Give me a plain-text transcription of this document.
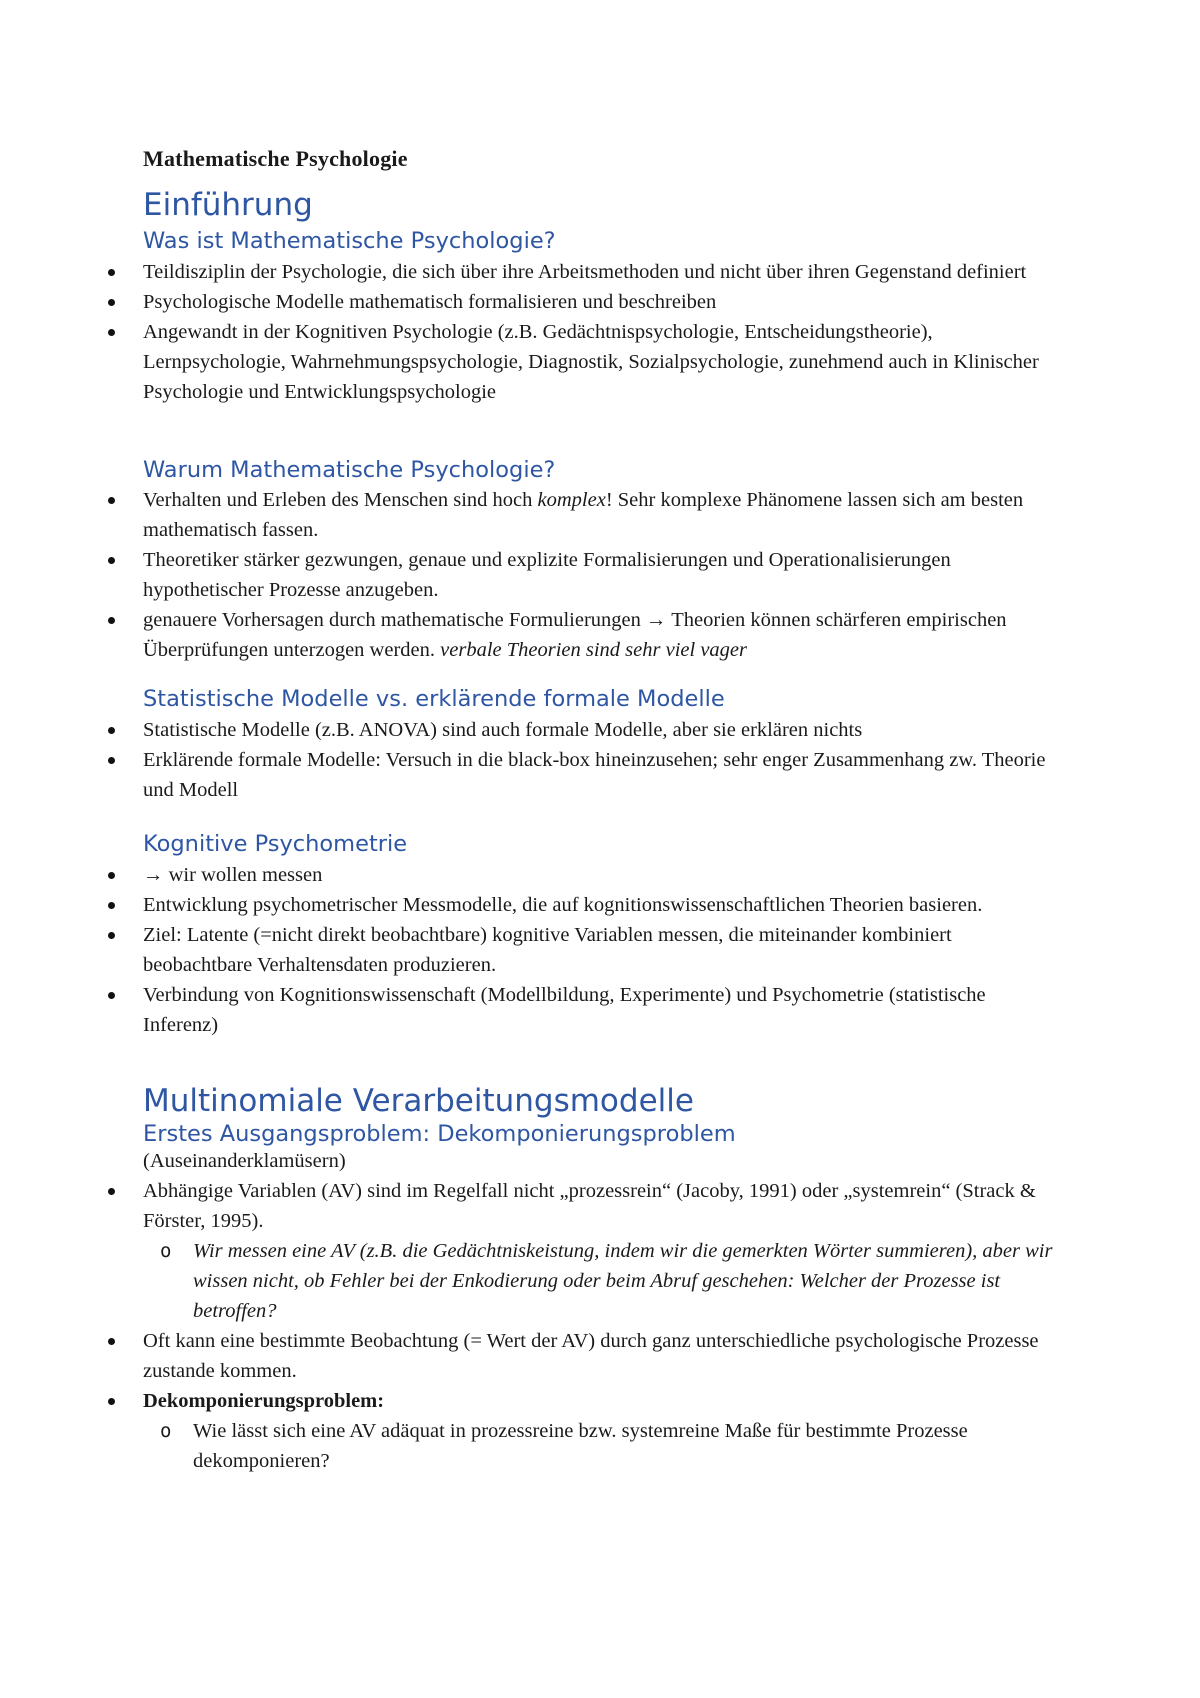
Mathematische Psychologie
Einführung
Was ist Mathematische Psychologie?
Teildisziplin der Psychologie, die sich über ihre Arbeitsmethoden und nicht über ihren Gegenstand definiert
Psychologische Modelle mathematisch formalisieren und beschreiben
Angewandt in der Kognitiven Psychologie (z.B. Gedächtnispsychologie, Entscheidungstheorie), Lernpsychologie, Wahrnehmungspsychologie, Diagnostik, Sozialpsychologie, zunehmend auch in Klinischer Psychologie und Entwicklungspsychologie
Warum Mathematische Psychologie?
Verhalten und Erleben des Menschen sind hoch komplex! Sehr komplexe Phänomene lassen sich am besten mathematisch fassen.
Theoretiker stärker gezwungen, genaue und explizite Formalisierungen und Operationalisierungen hypothetischer Prozesse anzugeben.
genauere Vorhersagen durch mathematische Formulierungen → Theorien können schärferen empirischen Überprüfungen unterzogen werden. verbale Theorien sind sehr viel vager
Statistische Modelle vs. erklärende formale Modelle
Statistische Modelle (z.B. ANOVA) sind auch formale Modelle, aber sie erklären nichts
Erklärende formale Modelle: Versuch in die black-box hineinzusehen; sehr enger Zusammenhang zw. Theorie und Modell
Kognitive Psychometrie
→ wir wollen messen
Entwicklung psychometrischer Messmodelle, die auf kognitionswissenschaftlichen Theorien basieren.
Ziel: Latente (=nicht direkt beobachtbare) kognitive Variablen messen, die miteinander kombiniert beobachtbare Verhaltensdaten produzieren.
Verbindung von Kognitionswissenschaft (Modellbildung, Experimente) und Psychometrie (statistische Inferenz)
Multinomiale Verarbeitungsmodelle
Erstes Ausgangsproblem: Dekomponierungsproblem
(Auseinanderklamüsern)
Abhängige Variablen (AV) sind im Regelfall nicht „prozessrein“ (Jacoby, 1991) oder „systemrein“ (Strack & Förster, 1995).
o Wir messen eine AV (z.B. die Gedächtniskeistung, indem wir die gemerkten Wörter summieren), aber wir wissen nicht, ob Fehler bei der Enkodierung oder beim Abruf geschehen: Welcher der Prozesse ist betroffen?
Oft kann eine bestimmte Beobachtung (= Wert der AV) durch ganz unterschiedliche psychologische Prozesse zustande kommen.
Dekomponierungsproblem:
o Wie lässt sich eine AV adäquat in prozessreine bzw. systemreine Maße für bestimmte Prozesse dekomponieren?
